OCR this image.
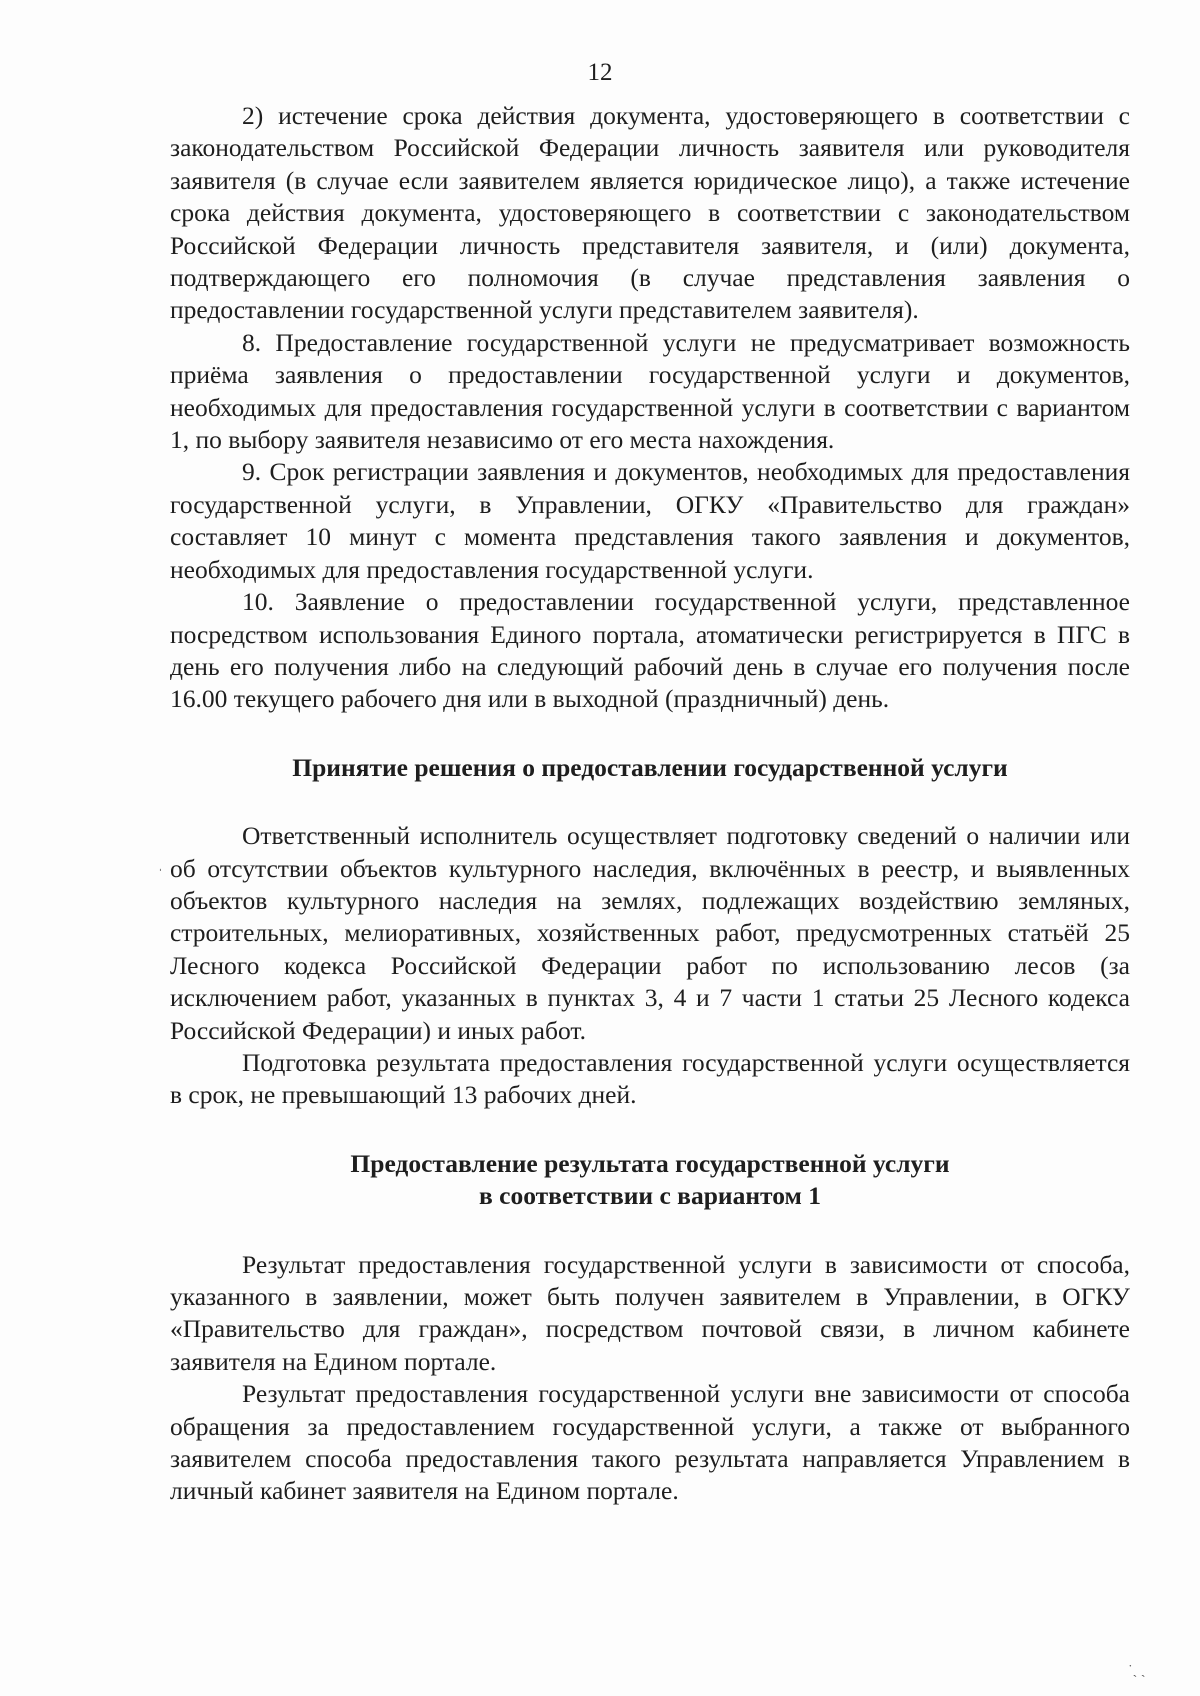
12

2) истечение срока действия документа, удостоверяющего в соответствии с законодательством Российской Федерации личность заявителя или руководителя заявителя (в случае если заявителем является юридическое лицо), а также истечение срока действия документа, удостоверяющего в соответствии с законодательством Российской Федерации личность представителя заявителя, и (или) документа, подтверждающего его полномочия (в случае представления заявления о предоставлении государственной услуги представителем заявителя).

8. Предоставление государственной услуги не предусматривает возможность приёма заявления о предоставлении государственной услуги и документов, необходимых для предоставления государственной услуги в соответствии с вариантом 1, по выбору заявителя независимо от его места нахождения.

9. Срок регистрации заявления и документов, необходимых для предоставления государственной услуги, в Управлении, ОГКУ «Правительство для граждан» составляет 10 минут с момента представления такого заявления и документов, необходимых для предоставления государственной услуги.

10. Заявление о предоставлении государственной услуги, представленное посредством использования Единого портала, атоматически регистрируется в ПГС в день его получения либо на следующий рабочий день в случае его получения после 16.00 текущего рабочего дня или в выходной (праздничный) день.

Принятие решения о предоставлении государственной услуги

Ответственный исполнитель осуществляет подготовку сведений о наличии или об отсутствии объектов культурного наследия, включённых в реестр, и выявленных объектов культурного наследия на землях, подлежащих воздействию земляных, строительных, мелиоративных, хозяйственных работ, предусмотренных статьёй 25 Лесного кодекса Российской Федерации работ по использованию лесов (за исключением работ, указанных в пунктах 3, 4 и 7 части 1 статьи 25 Лесного кодекса Российской Федерации) и иных работ.

Подготовка результата предоставления государственной услуги осуществляется в срок, не превышающий 13 рабочих дней.

Предоставление результата государственной услуги
в соответствии с вариантом 1

Результат предоставления государственной услуги в зависимости от способа, указанного в заявлении, может быть получен заявителем в Управлении, в ОГКУ «Правительство для граждан», посредством почтовой связи, в личном кабинете заявителя на Едином портале.

Результат предоставления государственной услуги вне зависимости от способа обращения за предоставлением государственной услуги, а также от выбранного заявителем способа предоставления такого результата направляется Управлением в личный кабинет заявителя на Едином портале.

ˌ
˙ˎ ˏ
